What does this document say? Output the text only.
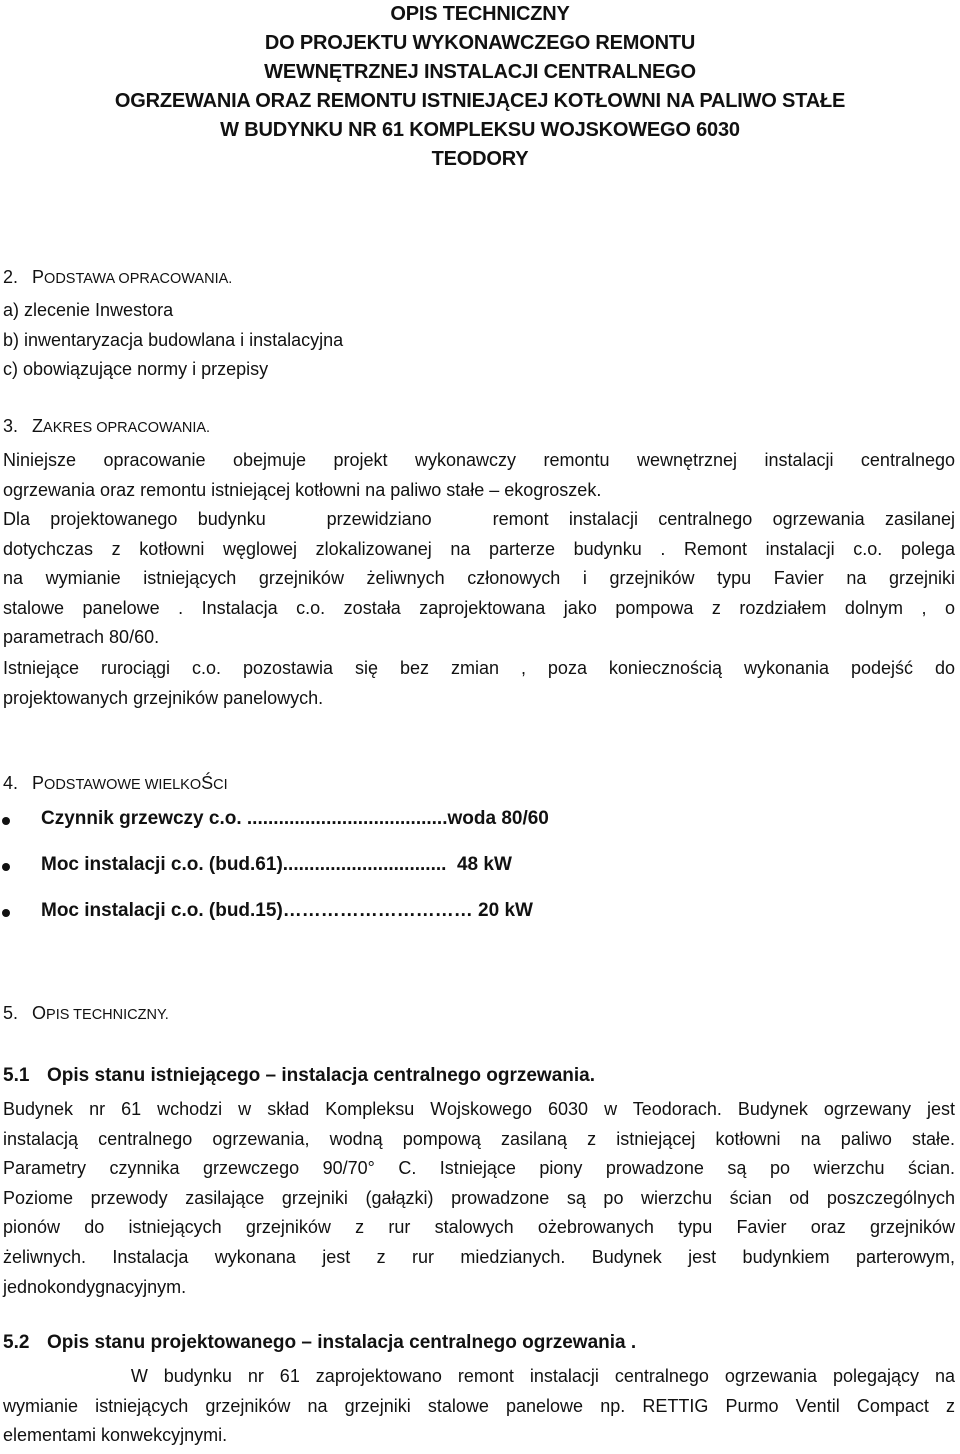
OPIS TECHNICZNY
DO PROJEKTU WYKONAWCZEGO REMONTU
WEWNĘTRZNEJ INSTALACJI CENTRALNEGO
OGRZEWANIA ORAZ REMONTU ISTNIEJĄCEJ KOTŁOWNI NA PALIWO STAŁE
W BUDYNKU NR 61 KOMPLEKSU WOJSKOWEGO 6030
TEODORY
2. PODSTAWA OPRACOWANIA.
a) zlecenie Inwestora
b) inwentaryzacja budowlana i instalacyjna
c) obowiązujące normy i przepisy
3. ZAKRES OPRACOWANIA.
Niniejsze opracowanie obejmuje projekt wykonawczy remontu wewnętrznej instalacji centralnego
ogrzewania oraz remontu istniejącej kotłowni na paliwo stałe – ekogroszek.
Dla projektowanego budynku   przewidziano   remont instalacji centralnego ogrzewania zasilanej
dotychczas z kotłowni węglowej zlokalizowanej na parterze budynku . Remont instalacji c.o. polega
na wymianie istniejących grzejników żeliwnych członowych i grzejników typu Favier na grzejniki
stalowe panelowe . Instalacja c.o. została zaprojektowana jako pompowa z rozdziałem dolnym , o
parametrach 80/60.
Istniejące rurociągi c.o. pozostawia się bez zmian , poza koniecznością wykonania podejść do
projektowanych grzejników panelowych.
4. PODSTAWOWE WIELKOŚCI
Czynnik grzewczy c.o. ......................................woda 80/60
Moc instalacji c.o. (bud.61)...............................  48 kW
Moc instalacji c.o. (bud.15)………………………… 20 kW
5. OPIS TECHNICZNY.
5.1 Opis stanu istniejącego – instalacja centralnego ogrzewania.
Budynek nr 61 wchodzi w skład Kompleksu Wojskowego 6030 w Teodorach. Budynek ogrzewany jest
instalacją centralnego ogrzewania, wodną pompową zasilaną z istniejącej kotłowni na paliwo stałe.
Parametry czynnika grzewczego 90/70° C. Istniejące piony prowadzone są po wierzchu ścian.
Poziome przewody zasilające grzejniki (gałązki) prowadzone są po wierzchu ścian od poszczególnych
pionów do istniejących grzejników z rur stalowych ożebrowanych typu Favier oraz grzejników
żeliwnych. Instalacja wykonana jest z rur miedzianych. Budynek jest budynkiem parterowym,
jednokondygnacyjnym.
5.2 Opis stanu projektowanego – instalacja centralnego ogrzewania .
W budynku nr 61 zaprojektowano remont instalacji centralnego ogrzewania polegający na
wymianie istniejących grzejników na grzejniki stalowe panelowe np. RETTIG Purmo Ventil Compact z
elementami konwekcyjnymi.
